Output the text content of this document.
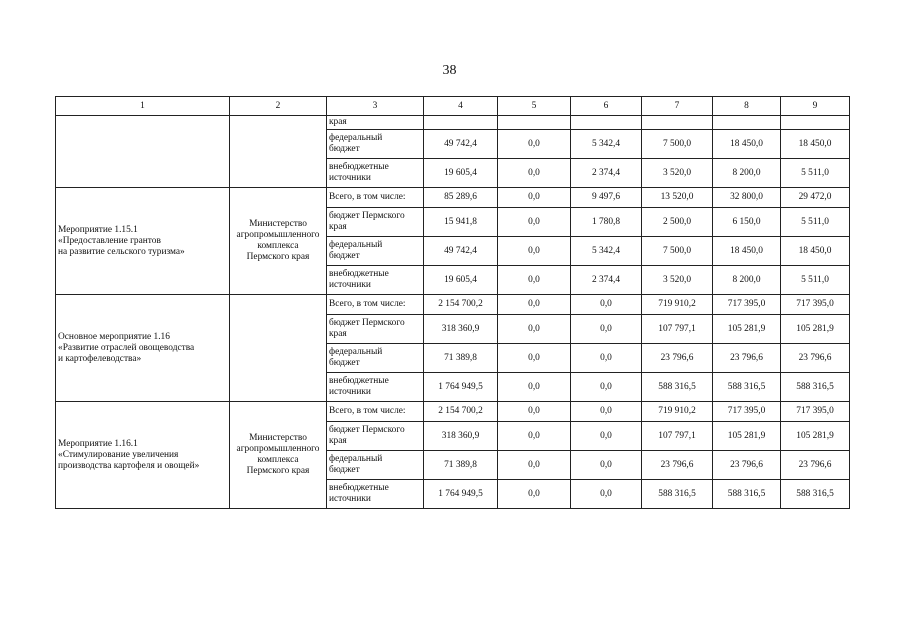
38
1	2	3	4	5	6	7	8	9

		края						

		федеральный
бюджет	49 742,4	0,0	5 342,4	7 500,0	18 450,0	18 450,0

		внебюджетные
источники	19 605,4	0,0	2 374,4	3 520,0	8 200,0	5 511,0

Мероприятие 1.15.1
«Предоставление грантов
на развитие сельского туризма»	Министерство
агропромышленного
комплекса
Пермского края	Всего, в том числе:	85 289,6	0,0	9 497,6	13 520,0	32 800,0	29 472,0

		бюджет Пермского
края	15 941,8	0,0	1 780,8	2 500,0	6 150,0	5 511,0

		федеральный
бюджет	49 742,4	0,0	5 342,4	7 500,0	18 450,0	18 450,0

		внебюджетные
источники	19 605,4	0,0	2 374,4	3 520,0	8 200,0	5 511,0

Основное мероприятие 1.16
«Развитие отраслей овощеводства
и картофелеводства»		Всего, в том числе:	2 154 700,2	0,0	0,0	719 910,2	717 395,0	717 395,0

		бюджет Пермского
края	318 360,9	0,0	0,0	107 797,1	105 281,9	105 281,9

		федеральный
бюджет	71 389,8	0,0	0,0	23 796,6	23 796,6	23 796,6

		внебюджетные
источники	1 764 949,5	0,0	0,0	588 316,5	588 316,5	588 316,5

Мероприятие 1.16.1
«Стимулирование увеличения
производства картофеля и овощей»	Министерство
агропромышленного
комплекса
Пермского края	Всего, в том числе:	2 154 700,2	0,0	0,0	719 910,2	717 395,0	717 395,0

		бюджет Пермского
края	318 360,9	0,0	0,0	107 797,1	105 281,9	105 281,9

		федеральный
бюджет	71 389,8	0,0	0,0	23 796,6	23 796,6	23 796,6

		внебюджетные
источники	1 764 949,5	0,0	0,0	588 316,5	588 316,5	588 316,5
